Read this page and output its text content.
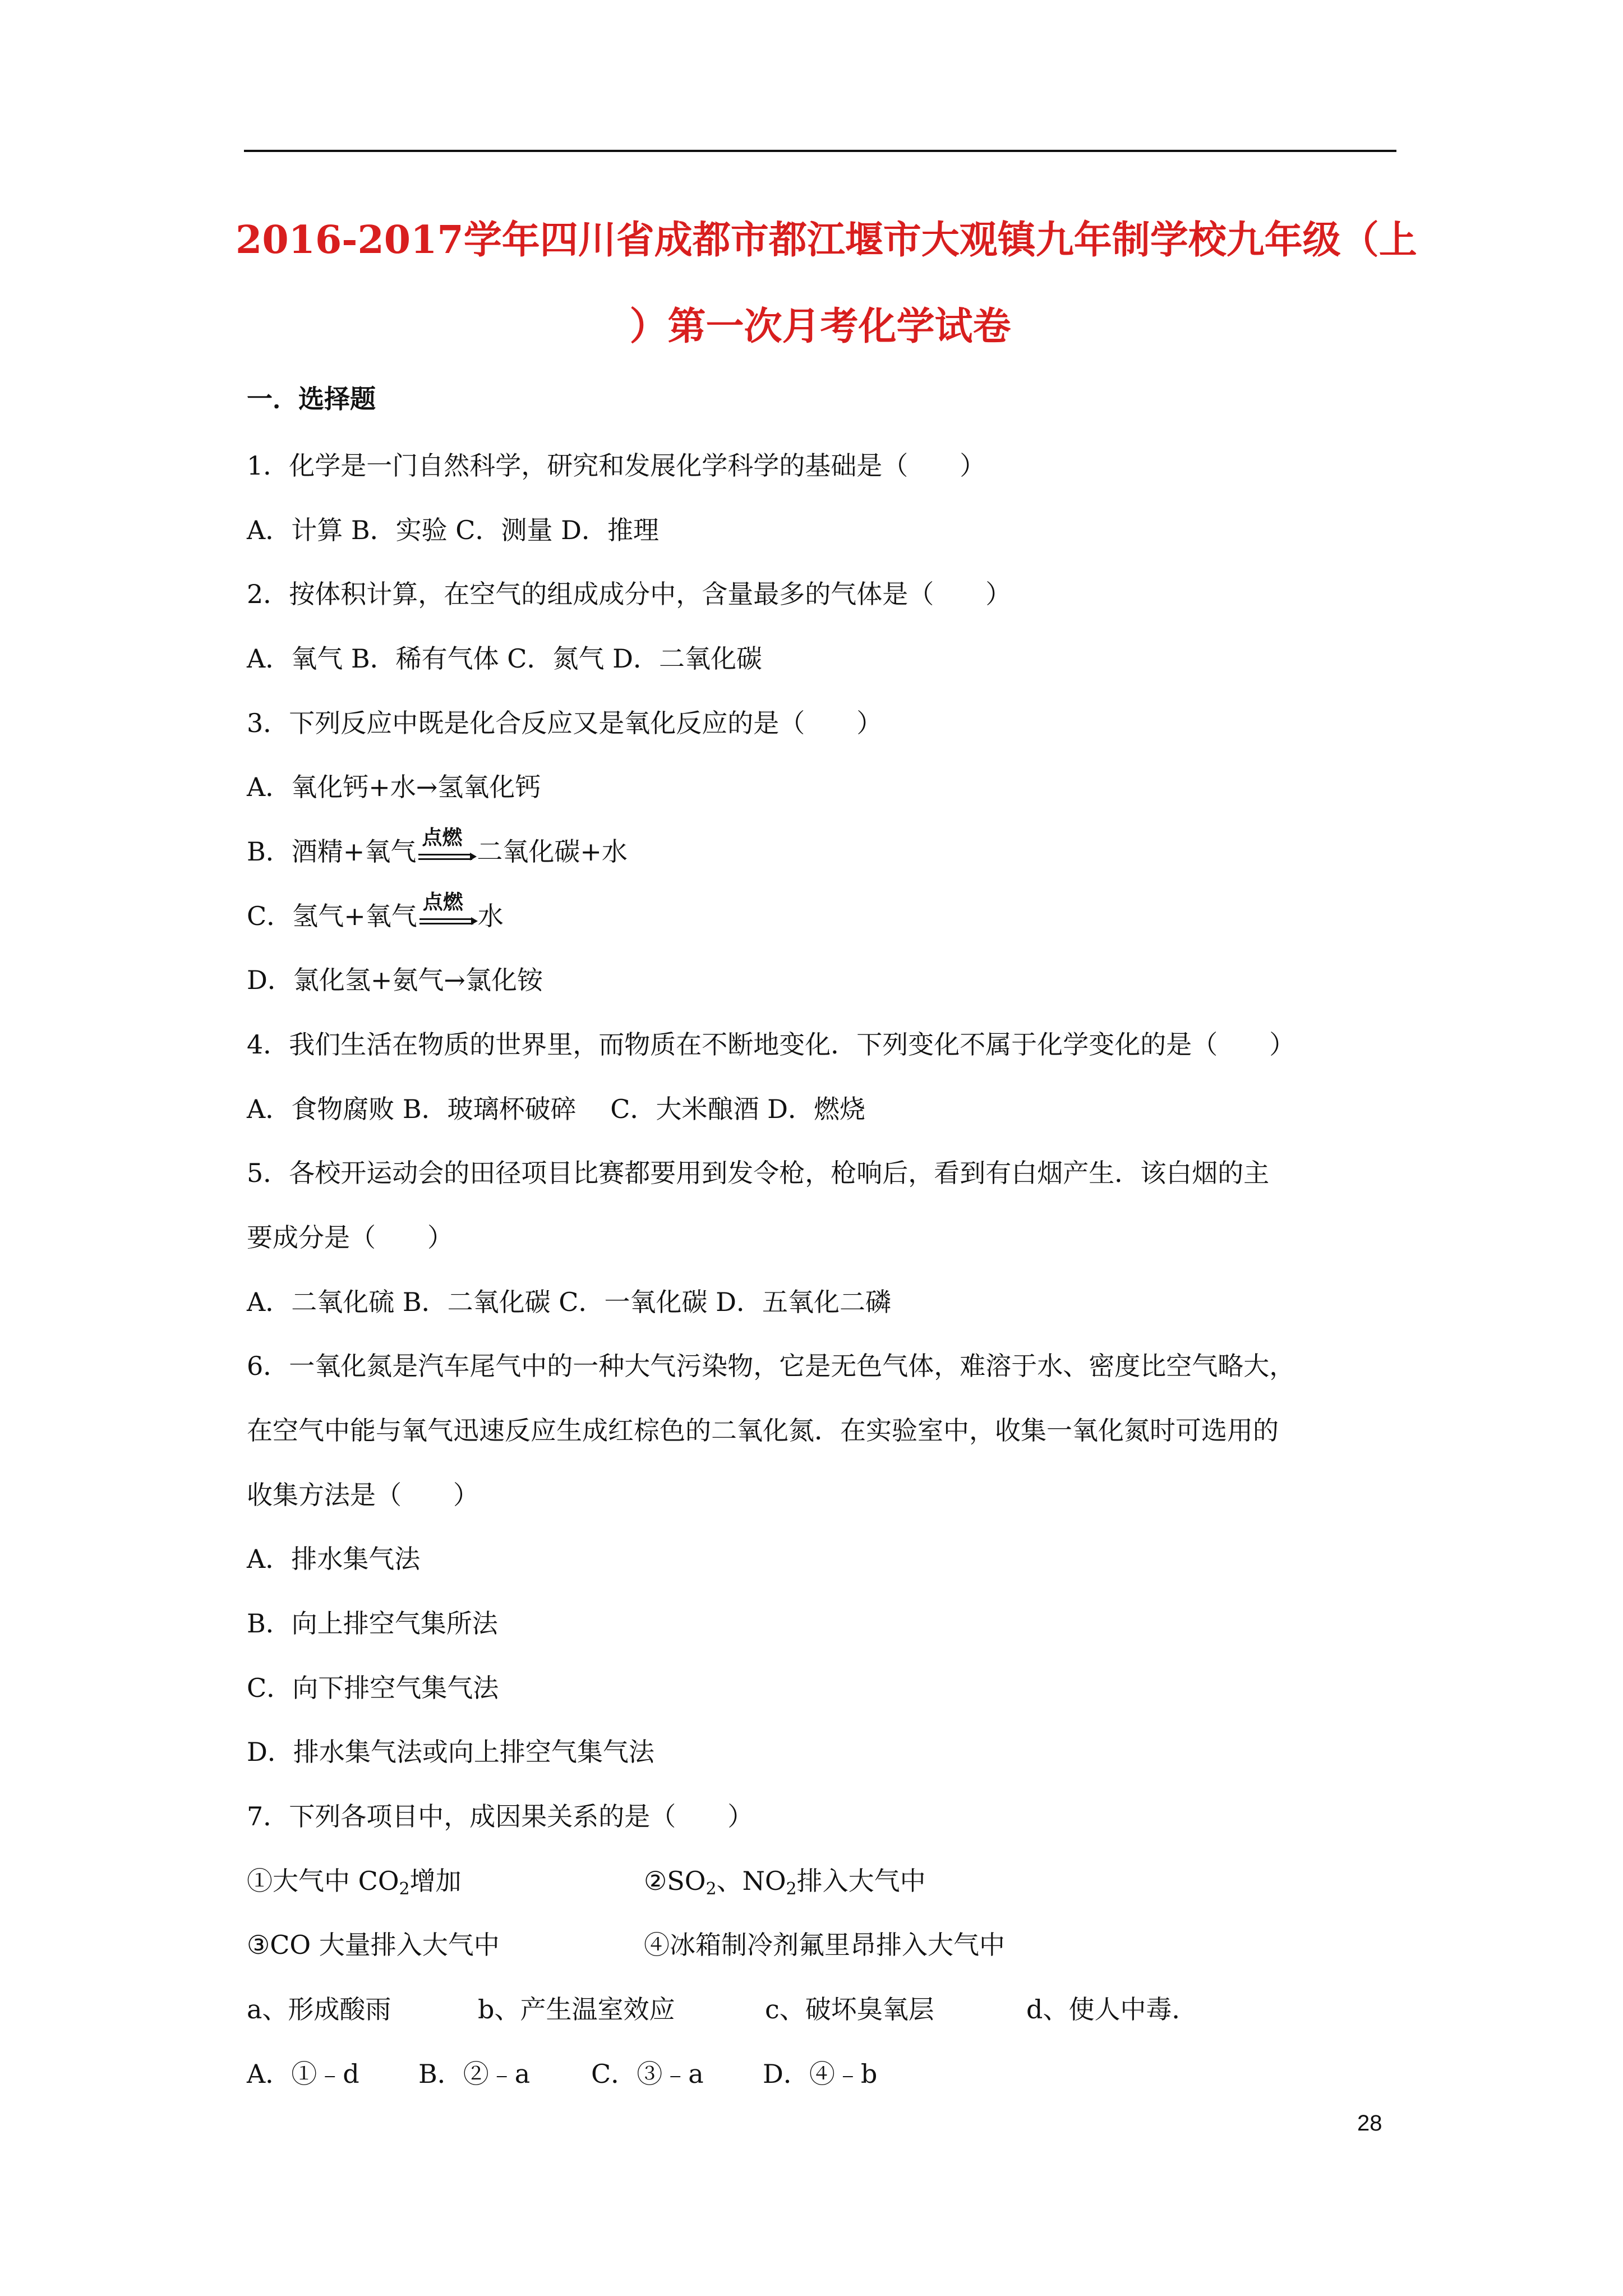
2016-2017学年四川省成都市都江堰市大观镇九年制学校九年级（上
）第一次月考化学试卷
一．选择题
1．化学是一门自然科学，研究和发展化学科学的基础是（　　）
A．计算 B．实验 C．测量 D．推理
2．按体积计算，在空气的组成成分中，含量最多的气体是（　　）
A．氧气 B．稀有气体 C．氮气 D．二氧化碳
3．下列反应中既是化合反应又是氧化反应的是（　　）
A．氧化钙+水→氢氧化钙
B．酒精+氧气 点燃 二氧化碳+水
C．氢气+氧气 点燃 水
D．氯化氢+氨气→氯化铵
4．我们生活在物质的世界里，而物质在不断地变化．下列变化不属于化学变化的是（　　）
A．食物腐败 B．玻璃杯破碎　 C．大米酿酒 D．燃烧
5．各校开运动会的田径项目比赛都要用到发令枪，枪响后，看到有白烟产生．该白烟的主
要成分是（　　）
A．二氧化硫 B．二氧化碳 C．一氧化碳 D．五氧化二磷
6．一氧化氮是汽车尾气中的一种大气污染物，它是无色气体，难溶于水、密度比空气略大，
在空气中能与氧气迅速反应生成红棕色的二氧化氮．在实验室中，收集一氧化氮时可选用的
收集方法是（　　）
A．排水集气法
B．向上排空气集所法
C．向下排空气集气法
D．排水集气法或向上排空气集气法
7．下列各项目中，成因果关系的是（　　）
①大气中 $CO_2$增加	$②SO_2$、$NO_2$排入大气中
③CO 大量排入大气中	④冰箱制冷剂氟里昂排入大气中
a、形成酸雨	b、产生温室效应	c、破坏臭氧层	d、使人中毒．
A．①﹣d B．②﹣a C．③﹣a D．④﹣b
28
